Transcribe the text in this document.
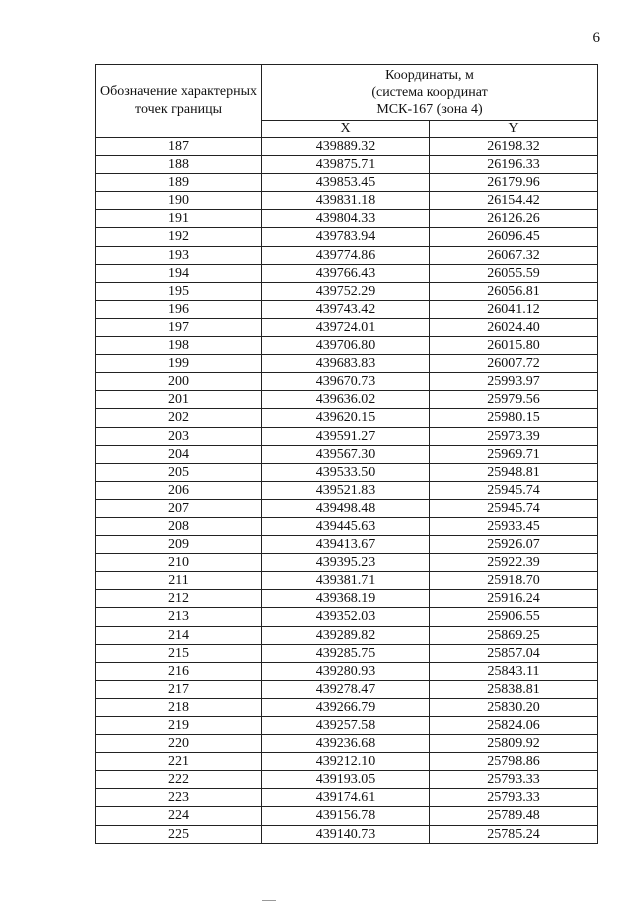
6
Обозначение характерных точек границы	Координаты, м
(система координат
МСК-167 (зона 4)	

	X	Y
187	439889.32	26198.32
188	439875.71	26196.33
189	439853.45	26179.96
190	439831.18	26154.42
191	439804.33	26126.26
192	439783.94	26096.45
193	439774.86	26067.32
194	439766.43	26055.59
195	439752.29	26056.81
196	439743.42	26041.12
197	439724.01	26024.40
198	439706.80	26015.80
199	439683.83	26007.72
200	439670.73	25993.97
201	439636.02	25979.56
202	439620.15	25980.15
203	439591.27	25973.39
204	439567.30	25969.71
205	439533.50	25948.81
206	439521.83	25945.74
207	439498.48	25945.74
208	439445.63	25933.45
209	439413.67	25926.07
210	439395.23	25922.39
211	439381.71	25918.70
212	439368.19	25916.24
213	439352.03	25906.55
214	439289.82	25869.25
215	439285.75	25857.04
216	439280.93	25843.11
217	439278.47	25838.81
218	439266.79	25830.20
219	439257.58	25824.06
220	439236.68	25809.92
221	439212.10	25798.86
222	439193.05	25793.33
223	439174.61	25793.33
224	439156.78	25789.48
225	439140.73	25785.24
